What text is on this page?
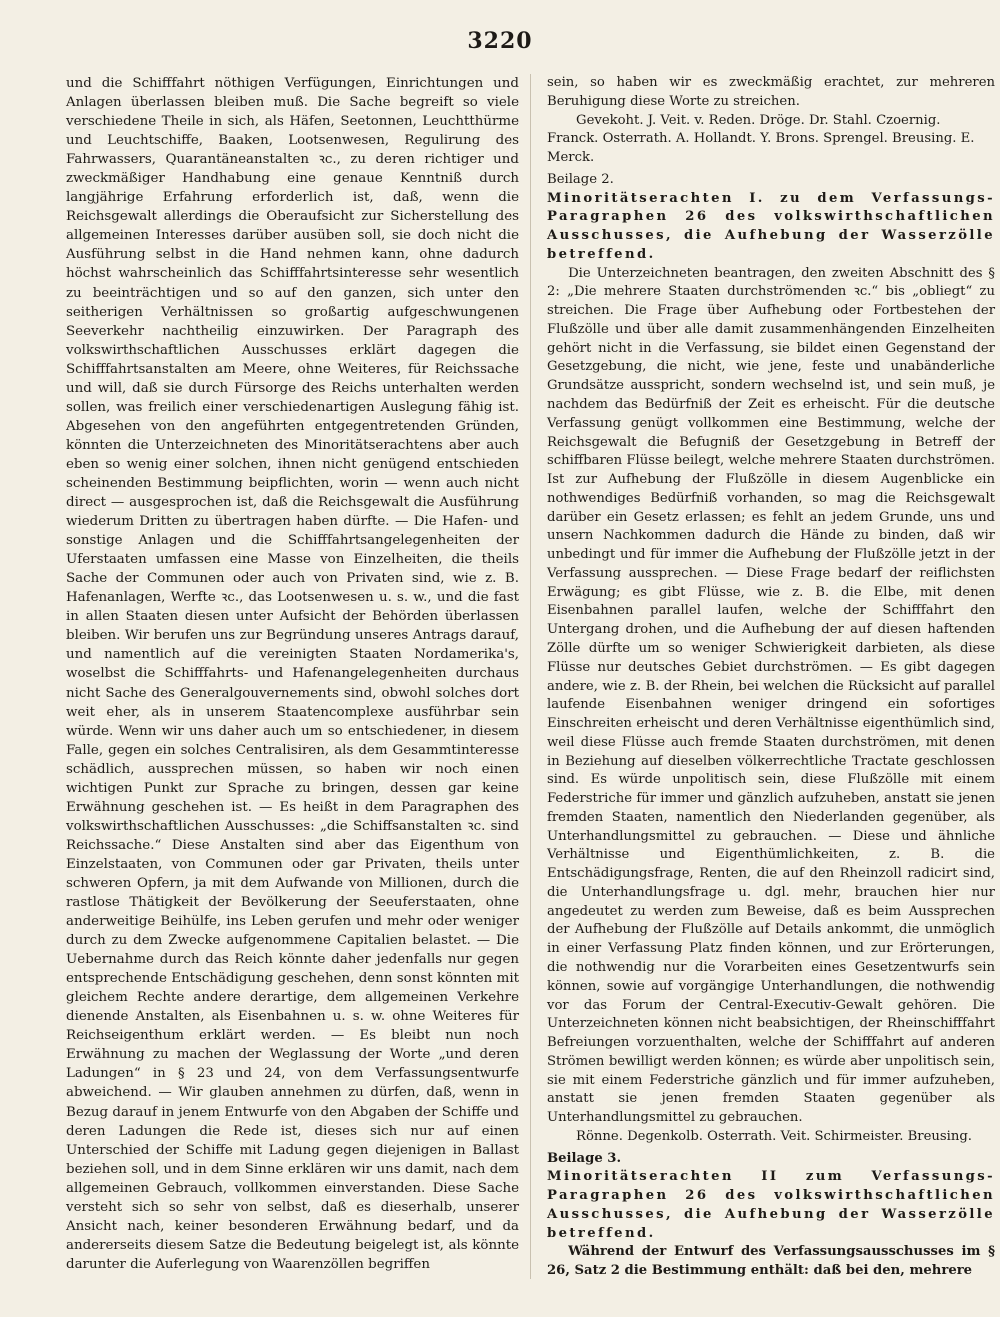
3220

und die Schifffahrt nöthigen Verfügungen, Einrichtungen und Anlagen überlassen bleiben muß. Die Sache begreift so viele verschiedene Theile in sich, als Häfen, Seetonnen, Leuchtthürme und Leuchtschiffe, Baaken, Lootsenwesen, Regulirung des Fahrwassers, Quarantäneanstalten ꝛc., zu deren richtiger und zweckmäßiger Handhabung eine genaue Kenntniß durch langjährige Erfahrung erforderlich ist, daß, wenn die Reichsgewalt allerdings die Oberaufsicht zur Sicherstellung des allgemeinen Interesses darüber ausüben soll, sie doch nicht die Ausführung selbst in die Hand nehmen kann, ohne dadurch höchst wahrscheinlich das Schifffahrtsinteresse sehr wesentlich zu beeinträchtigen und so auf den ganzen, sich unter den seitherigen Verhältnissen so großartig aufgeschwungenen Seeverkehr nachtheilig einzuwirken. Der Paragraph des volkswirthschaftlichen Ausschusses erklärt dagegen die Schifffahrtsanstalten am Meere, ohne Weiteres, für Reichssache und will, daß sie durch Fürsorge des Reichs unterhalten werden sollen, was freilich einer verschiedenartigen Auslegung fähig ist. Abgesehen von den angeführten entgegentretenden Gründen, könnten die Unterzeichneten des Minoritätserachtens aber auch eben so wenig einer solchen, ihnen nicht genügend entschieden scheinenden Bestimmung beipflichten, worin — wenn auch nicht direct — ausgesprochen ist, daß die Reichsgewalt die Ausführung wiederum Dritten zu übertragen haben dürfte. — Die Hafen- und sonstige Anlagen und die Schifffahrtsangelegenheiten der Uferstaaten umfassen eine Masse von Einzelheiten, die theils Sache der Communen oder auch von Privaten sind, wie z. B. Hafenanlagen, Werfte ꝛc., das Lootsenwesen u. s. w., und die fast in allen Staaten diesen unter Aufsicht der Behörden überlassen bleiben. Wir berufen uns zur Begründung unseres Antrags darauf, und namentlich auf die vereinigten Staaten Nordamerika's, woselbst die Schifffahrts- und Hafenangelegenheiten durchaus nicht Sache des Generalgouvernements sind, obwohl solches dort weit eher, als in unserem Staatencomplexe ausführbar sein würde. Wenn wir uns daher auch um so entschiedener, in diesem Falle, gegen ein solches Centralisiren, als dem Gesammtinteresse schädlich, aussprechen müssen, so haben wir noch einen wichtigen Punkt zur Sprache zu bringen, dessen gar keine Erwähnung geschehen ist. — Es heißt in dem Paragraphen des volkswirthschaftlichen Ausschusses: „die Schiffsanstalten ꝛc. sind Reichssache.“ Diese Anstalten sind aber das Eigenthum von Einzelstaaten, von Communen oder gar Privaten, theils unter schweren Opfern, ja mit dem Aufwande von Millionen, durch die rastlose Thätigkeit der Bevölkerung der Seeuferstaaten, ohne anderweitige Beihülfe, ins Leben gerufen und mehr oder weniger durch zu dem Zwecke aufgenommene Capitalien belastet. — Die Uebernahme durch das Reich könnte daher jedenfalls nur gegen entsprechende Entschädigung geschehen, denn sonst könnten mit gleichem Rechte andere derartige, dem allgemeinen Verkehre dienende Anstalten, als Eisenbahnen u. s. w. ohne Weiteres für Reichseigenthum erklärt werden. — Es bleibt nun noch Erwähnung zu machen der Weglassung der Worte „und deren Ladungen“ in § 23 und 24, von dem Verfassungsentwurfe abweichend. — Wir glauben annehmen zu dürfen, daß, wenn in Bezug darauf in jenem Entwurfe von den Abgaben der Schiffe und deren Ladungen die Rede ist, dieses sich nur auf einen Unterschied der Schiffe mit Ladung gegen diejenigen in Ballast beziehen soll, und in dem Sinne erklären wir uns damit, nach dem allgemeinen Gebrauch, vollkommen einverstanden. Diese Sache versteht sich so sehr von selbst, daß es dieserhalb, unserer Ansicht nach, keiner besonderen Erwähnung bedarf, und da andererseits diesem Satze die Bedeutung beigelegt ist, als könnte darunter die Auferlegung von Waarenzöllen begriffen

sein, so haben wir es zweckmäßig erachtet, zur mehreren Beruhigung diese Worte zu streichen.

Gevekoht. J. Veit. v. Reden. Dröge. Dr. Stahl. Czoernig. Franck. Osterrath. A. Hollandt. Y. Brons. Sprengel. Breusing. E. Merck.

Beilage 2.

Minoritätserachten I. zu dem Verfassungs-Paragraphen 26 des volkswirthschaftlichen Ausschusses, die Aufhebung der Wasserzölle betreffend.

Die Unterzeichneten beantragen, den zweiten Abschnitt des § 2: „Die mehrere Staaten durchströmenden ꝛc.“ bis „obliegt“ zu streichen. Die Frage über Aufhebung oder Fortbestehen der Flußzölle und über alle damit zusammenhängenden Einzelheiten gehört nicht in die Verfassung, sie bildet einen Gegenstand der Gesetzgebung, die nicht, wie jene, feste und unabänderliche Grundsätze ausspricht, sondern wechselnd ist, und sein muß, je nachdem das Bedürfniß der Zeit es erheischt. Für die deutsche Verfassung genügt vollkommen eine Bestimmung, welche der Reichsgewalt die Befugniß der Gesetzgebung in Betreff der schiffbaren Flüsse beilegt, welche mehrere Staaten durchströmen. Ist zur Aufhebung der Flußzölle in diesem Augenblicke ein nothwendiges Bedürfniß vorhanden, so mag die Reichsgewalt darüber ein Gesetz erlassen; es fehlt an jedem Grunde, uns und unsern Nachkommen dadurch die Hände zu binden, daß wir unbedingt und für immer die Aufhebung der Flußzölle jetzt in der Verfassung aussprechen. — Diese Frage bedarf der reiflichsten Erwägung; es gibt Flüsse, wie z. B. die Elbe, mit denen Eisenbahnen parallel laufen, welche der Schifffahrt den Untergang drohen, und die Aufhebung der auf diesen haftenden Zölle dürfte um so weniger Schwierigkeit darbieten, als diese Flüsse nur deutsches Gebiet durchströmen. — Es gibt dagegen andere, wie z. B. der Rhein, bei welchen die Rücksicht auf parallel laufende Eisenbahnen weniger dringend ein sofortiges Einschreiten erheischt und deren Verhältnisse eigenthümlich sind, weil diese Flüsse auch fremde Staaten durchströmen, mit denen in Beziehung auf dieselben völkerrechtliche Tractate geschlossen sind. Es würde unpolitisch sein, diese Flußzölle mit einem Federstriche für immer und gänzlich aufzuheben, anstatt sie jenen fremden Staaten, namentlich den Niederlanden gegenüber, als Unterhandlungsmittel zu gebrauchen. — Diese und ähnliche Verhältnisse und Eigenthümlichkeiten, z. B. die Entschädigungsfrage, Renten, die auf den Rheinzoll radicirt sind, die Unterhandlungsfrage u. dgl. mehr, brauchen hier nur angedeutet zu werden zum Beweise, daß es beim Aussprechen der Aufhebung der Flußzölle auf Details ankommt, die unmöglich in einer Verfassung Platz finden können, und zur Erörterungen, die nothwendig nur die Vorarbeiten eines Gesetzentwurfs sein können, sowie auf vorgängige Unterhandlungen, die nothwendig vor das Forum der Central-Executiv-Gewalt gehören. Die Unterzeichneten können nicht beabsichtigen, der Rheinschifffahrt Befreiungen vorzuenthalten, welche der Schifffahrt auf anderen Strömen bewilligt werden können; es würde aber unpolitisch sein, sie mit einem Federstriche gänzlich und für immer aufzuheben, anstatt sie jenen fremden Staaten gegenüber als Unterhandlungsmittel zu gebrauchen.

Rönne. Degenkolb. Osterrath. Veit. Schirmeister. Breusing.

Beilage 3.

Minoritätserachten II zum Verfassungs-Paragraphen 26 des volkswirthschaftlichen Ausschusses, die Aufhebung der Wasserzölle betreffend.

Während der Entwurf des Verfassungsausschusses im § 26, Satz 2 die Bestimmung enthält: daß bei den, mehrere
